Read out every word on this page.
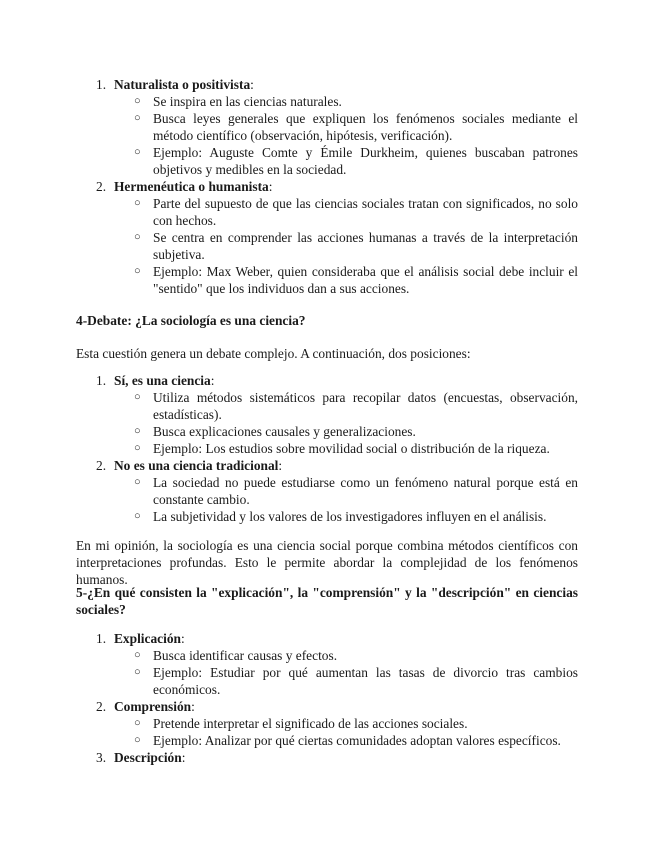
1. Naturalista o positivista:
○ Se inspira en las ciencias naturales.
○ Busca leyes generales que expliquen los fenómenos sociales mediante el método científico (observación, hipótesis, verificación).
○ Ejemplo: Auguste Comte y Émile Durkheim, quienes buscaban patrones objetivos y medibles en la sociedad.
2. Hermenéutica o humanista:
○ Parte del supuesto de que las ciencias sociales tratan con significados, no solo con hechos.
○ Se centra en comprender las acciones humanas a través de la interpretación subjetiva.
○ Ejemplo: Max Weber, quien consideraba que el análisis social debe incluir el "sentido" que los individuos dan a sus acciones.
4-Debate: ¿La sociología es una ciencia?
Esta cuestión genera un debate complejo. A continuación, dos posiciones:
1. Sí, es una ciencia:
○ Utiliza métodos sistemáticos para recopilar datos (encuestas, observación, estadísticas).
○ Busca explicaciones causales y generalizaciones.
○ Ejemplo: Los estudios sobre movilidad social o distribución de la riqueza.
2. No es una ciencia tradicional:
○ La sociedad no puede estudiarse como un fenómeno natural porque está en constante cambio.
○ La subjetividad y los valores de los investigadores influyen en el análisis.
En mi opinión, la sociología es una ciencia social porque combina métodos científicos con interpretaciones profundas. Esto le permite abordar la complejidad de los fenómenos humanos.
5-¿En qué consisten la "explicación", la "comprensión" y la "descripción" en ciencias sociales?
1. Explicación:
○ Busca identificar causas y efectos.
○ Ejemplo: Estudiar por qué aumentan las tasas de divorcio tras cambios económicos.
2. Comprensión:
○ Pretende interpretar el significado de las acciones sociales.
○ Ejemplo: Analizar por qué ciertas comunidades adoptan valores específicos.
3. Descripción:
